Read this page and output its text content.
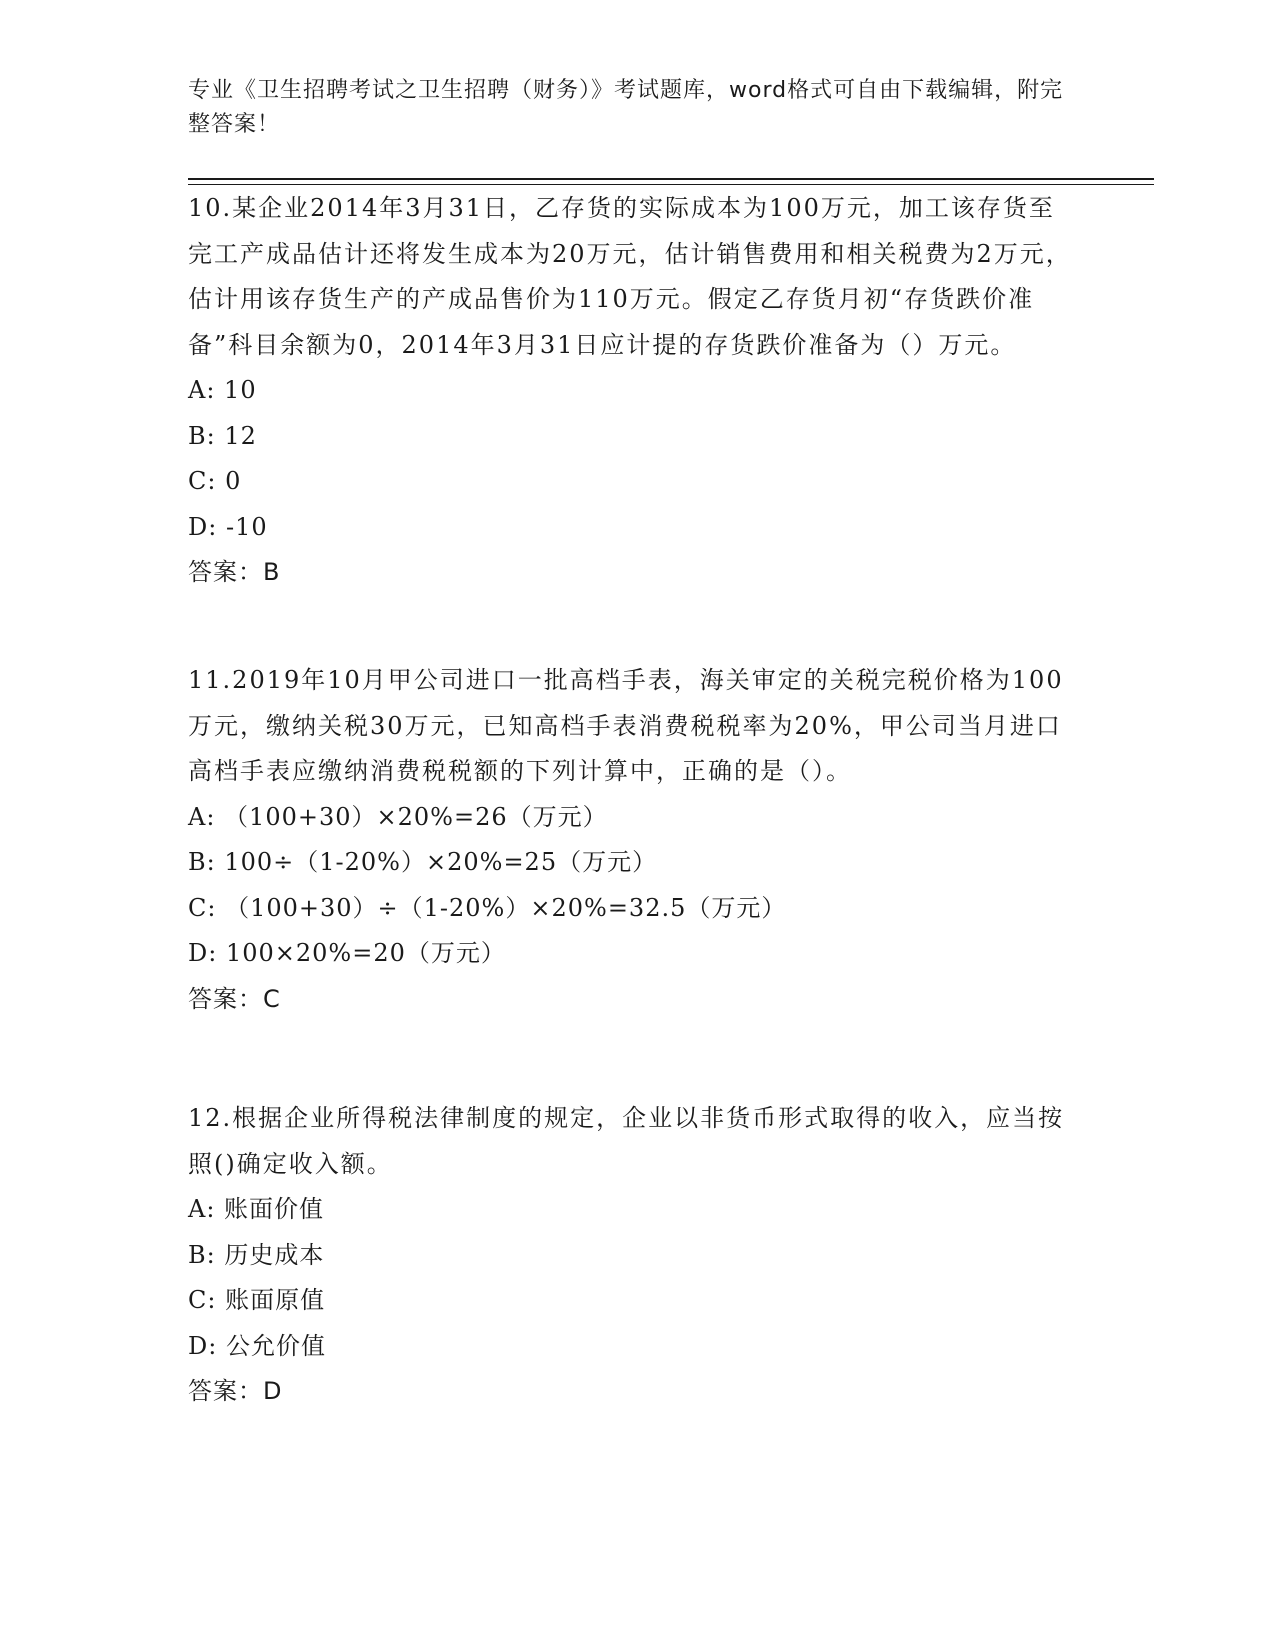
专业《卫生招聘考试之卫生招聘（财务）》考试题库，word格式可自由下载编辑，附完整答案！

10.某企业2014年3月31日，乙存货的实际成本为100万元，加工该存货至完工产成品估计还将发生成本为20万元，估计销售费用和相关税费为2万元，估计用该存货生产的产成品售价为110万元。假定乙存货月初“存货跌价准备”科目余额为0，2014年3月31日应计提的存货跌价准备为（）万元。

A: 10

B: 12

C: 0

D: -10

答案：B

11.2019年10月甲公司进口一批高档手表，海关审定的关税完税价格为100万元，缴纳关税30万元，已知高档手表消费税税率为20%，甲公司当月进口高档手表应缴纳消费税税额的下列计算中，正确的是（）。

A: （100+30）×20%=26（万元）

B: 100÷（1-20%）×20%=25（万元）

C: （100+30）÷（1-20%）×20%=32.5（万元）

D: 100×20%=20（万元）

答案：C

12.根据企业所得税法律制度的规定，企业以非货币形式取得的收入，应当按照()确定收入额。

A: 账面价值

B: 历史成本

C: 账面原值

D: 公允价值

答案：D
